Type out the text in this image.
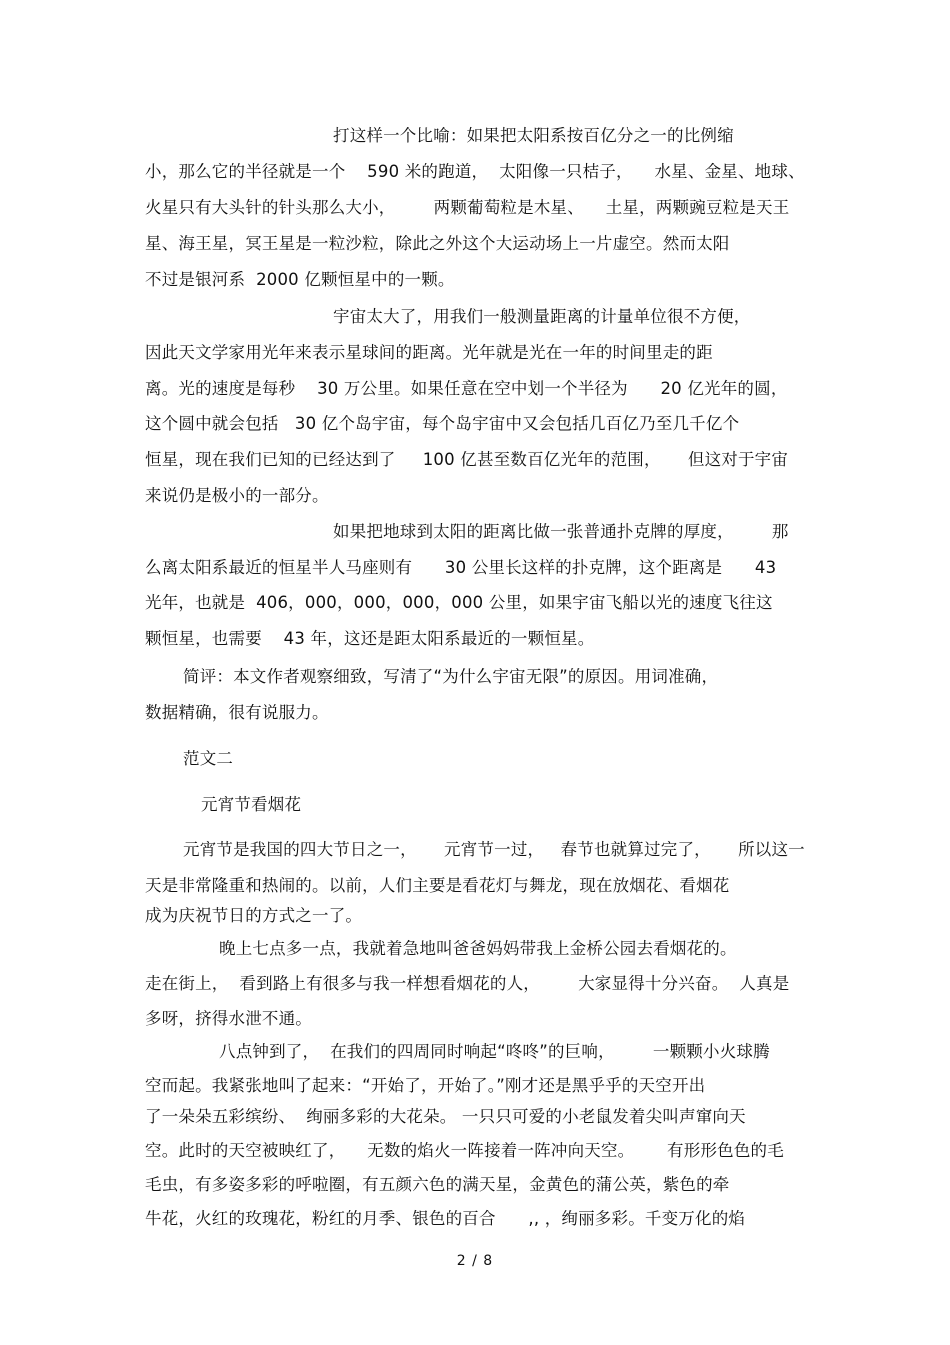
打这样一个比喻：如果把太阳系按百亿分之一的比例缩
小，那么它的半径就是一个    590 米的跑道，  太阳像一只桔子，    水星、金星、地球、
火星只有大头针的针头那么大小，       两颗葡萄粒是木星、    土星，两颗豌豆粒是天王
星、海王星，冥王星是一粒沙粒，除此之外这个大运动场上一片虚空。然而太阳
不过是银河系  2000 亿颗恒星中的一颗。
宇宙太大了，用我们一般测量距离的计量单位很不方便，
因此天文学家用光年来表示星球间的距离。光年就是光在一年的时间里走的距
离。光的速度是每秒    30 万公里。如果任意在空中划一个半径为      20 亿光年的圆，
这个圆中就会包括   30 亿个岛宇宙，每个岛宇宙中又会包括几百亿乃至几千亿个
恒星，现在我们已知的已经达到了     100 亿甚至数百亿光年的范围，     但这对于宇宙
来说仍是极小的一部分。
如果把地球到太阳的距离比做一张普通扑克牌的厚度，       那
么离太阳系最近的恒星半人马座则有      30 公里长这样的扑克牌，这个距离是      43
光年，也就是  406，000，000，000，000 公里，如果宇宙飞船以光的速度飞往这
颗恒星，也需要    43 年，这还是距太阳系最近的一颗恒星。
简评：本文作者观察细致，写清了“为什么宇宙无限”的原因。用词准确，
数据精确，很有说服力。
范文二
元宵节看烟花
元宵节是我国的四大节日之一，     元宵节一过，   春节也就算过完了，     所以这一
天是非常隆重和热闹的。以前，人们主要是看花灯与舞龙，现在放烟花、看烟花
成为庆祝节日的方式之一了。
晚上七点多一点，我就着急地叫爸爸妈妈带我上金桥公园去看烟花的。
走在街上，  看到路上有很多与我一样想看烟花的人，       大家显得十分兴奋。  人真是
多呀，挤得水泄不通。
八点钟到了，  在我们的四周同时响起“咚咚”的巨响，       一颗颗小火球腾
空而起。我紧张地叫了起来：“开始了，开始了。”刚才还是黑乎乎的天空开出
了一朵朵五彩缤纷、  绚丽多彩的大花朵。 一只只可爱的小老鼠发着尖叫声窜向天
空。此时的天空被映红了，    无数的焰火一阵接着一阵冲向天空。      有形形色色的毛
毛虫，有多姿多彩的呼啦圈，有五颜六色的满天星，金黄色的蒲公英，紫色的牵
牛花，火红的玫瑰花，粉红的月季、银色的百合      ,, ，绚丽多彩。千变万化的焰
2 / 8
